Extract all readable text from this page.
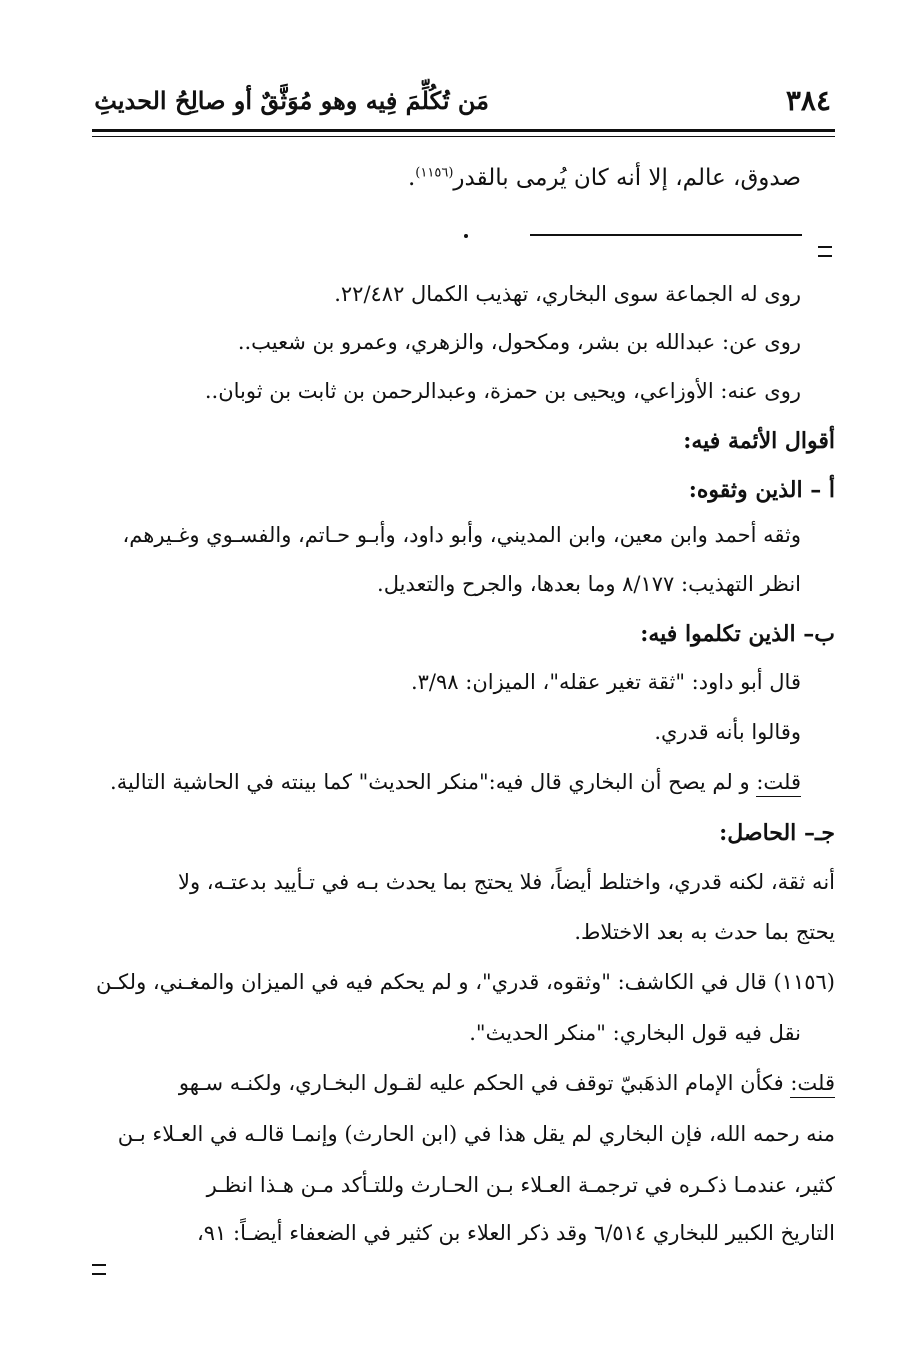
٣٨٤
مَن تُكُلِّمَ فِيه وهو مُوَثَّقٌ أو صالِحُ الحديثِ
صدوق، عالم، إلا أنه كان يُرمى بالقدر$^{(١١٥٦)}$.
روى له الجماعة سوى البخاري، تهذيب الكمال ٢٢/٤٨٢.
روى عن: عبدالله بن بشر، ومكحول، والزهري، وعمرو بن شعيب..
روى عنه: الأوزاعي، ويحيى بن حمزة، وعبدالرحمن بن ثابت بن ثوبان..
أقوال الأئمة فيه:
أ – الذين وثقوه:
وثقه أحمد وابن معين، وابن المديني، وأبو داود، وأبـو حـاتم، والفسـوي وغـيرهم،
انظر التهذيب: ٨/١٧٧ وما بعدها، والجرح والتعديل.
ب– الذين تكلموا فيه:
قال أبو داود: "ثقة تغير عقله"، الميزان: ٣/٩٨.
وقالوا بأنه قدري.
قلت: و لم يصح أن البخاري قال فيه:"منكر الحديث" كما بينته في الحاشية التالية.
جـ– الحاصل:
أنه ثقة، لكنه قدري، واختلط أيضاً، فلا يحتج بما يحدث بـه في تـأييد بدعتـه، ولا
يحتج بما حدث به بعد الاختلاط.
(١١٥٦) قال في الكاشف: "وثقوه، قدري"، و لم يحكم فيه في الميزان والمغـني، ولكـن
نقل فيه قول البخاري: "منكر الحديث".
قلت: فكأن الإمام الذهَبيّ توقف في الحكم عليه لقـول البخـاري، ولكنـه سـهو
منه رحمه الله، فإن البخاري لم يقل هذا في (ابن الحارث) وإنمـا قالـه في العـلاء بـن
كثير، عندمـا ذكـره في ترجمـة العـلاء بـن الحـارث وللتـأكد مـن هـذا انظـر
التاريخ الكبير للبخاري ٦/٥١٤ وقد ذكر العلاء بن كثير في الضعفاء أيضـاً: ٩١،
